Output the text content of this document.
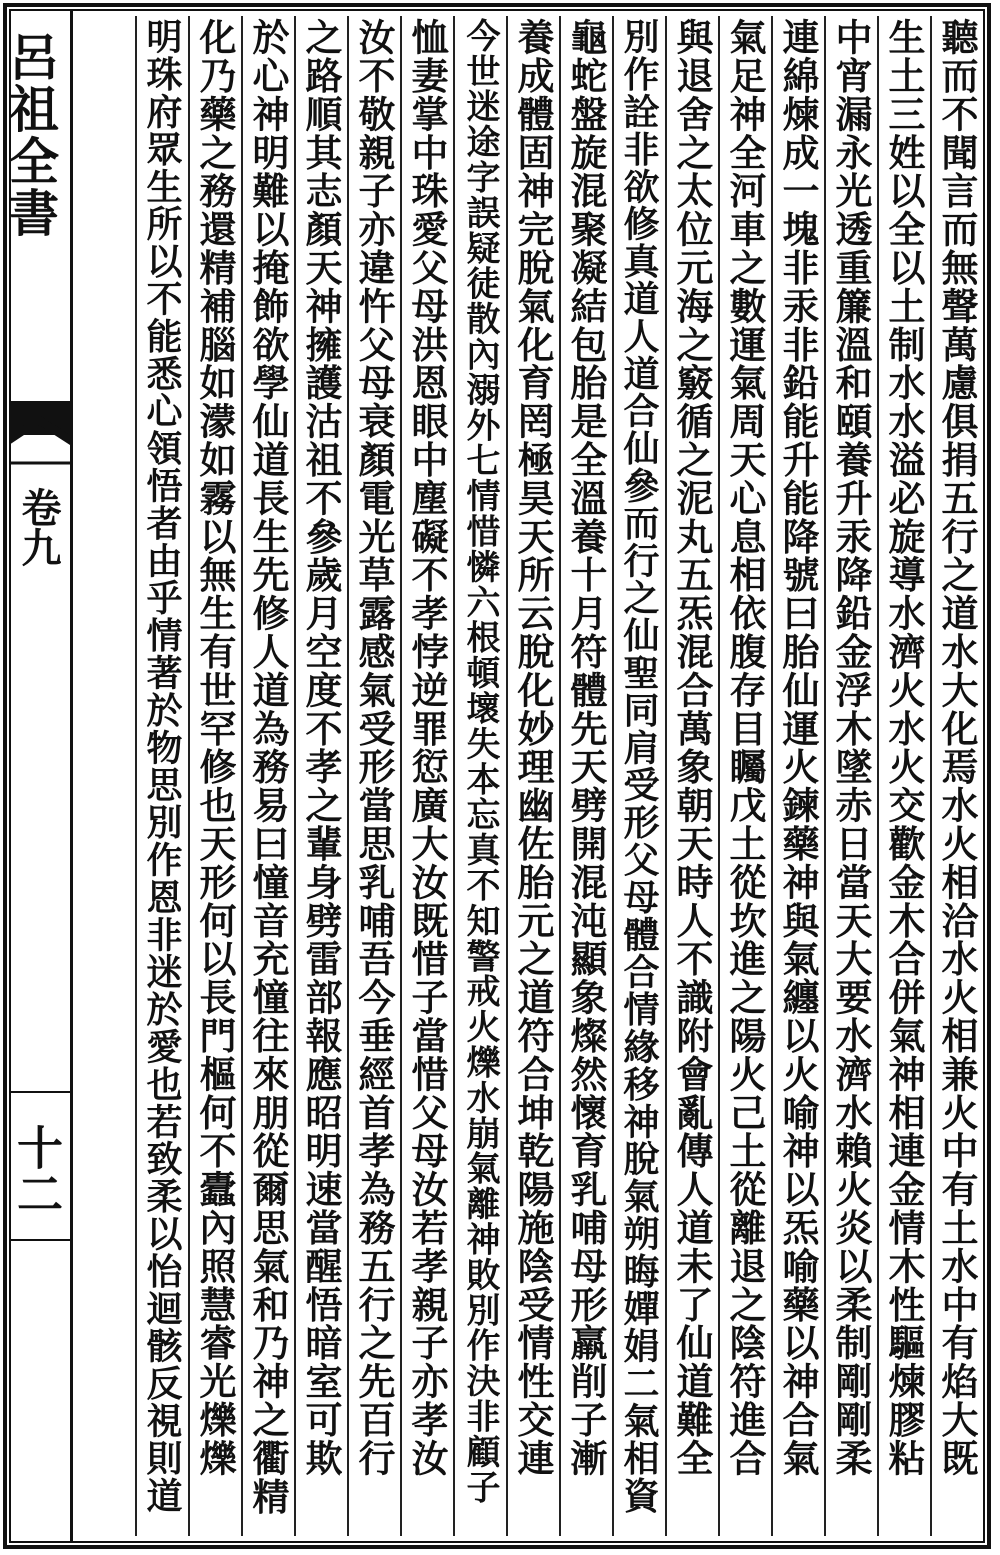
呂祖全書
卷九
十二	聽而不聞言而無聲萬慮俱捐五行之道水大化焉水火相洽水火相兼火中有土水中有焰大既
生土三姓以全以土制水水溢必旋導水濟火水火交歡金木合併氣神相連金情木性驅煉膠粘
中宵漏永光透重簾溫和頤養升汞降鉛金浮木墜赤日當天大要水濟水賴火炎以柔制剛剛柔
連綿煉成一塊非汞非鉛能升能降號曰胎仙運火鍊藥神與氣纏以火喻神以炁喻藥以神合氣
氣足神全河車之數運氣周天心息相依腹存目矚戊土從坎進之陽火己土從離退之陰符進合
與退舍之太位元海之竅循之泥丸五炁混合萬象朝天時人不識附會亂傳人道未了仙道難全
別作詮非欲修真道人道合仙參而行之仙聖同肩受形父母體合情緣移神脫氣朔晦嬋娟二氣相資
龜蛇盤旋混聚凝結包胎是全溫養十月符體先天劈開混沌顯象燦然懷育乳哺母形羸削子漸
養成體固神完脫氣化育罔極昊天所云脫化妙理幽佐胎元之道符合坤乾陽施陰受情性交連
今世迷途字誤疑徒散內溺外七情惜憐六根頓壞失本忘真不知警戒火爍水崩氣離神敗別作決非顧子
恤妻掌中珠愛父母洪恩眼中塵礙不孝悖逆罪愆廣大汝既惜子當惜父母汝若孝親子亦孝汝
汝不敬親子亦違忤父母衰顏電光草露感氣受形當思乳哺吾今垂經首孝為務五行之先百行
之路順其志顏天神擁護沽祖不參歲月空度不孝之輩身劈雷部報應昭明速當醒悟暗室可欺
於心神明難以掩飾欲學仙道長生先修人道為務易曰憧音充憧往來朋從爾思氣和乃神之衢精
化乃藥之務還精補腦如濛如霧以無生有世罕修也天形何以長門樞何不蠹內照慧睿光爍爍
明珠府眾生所以不能悉心領悟者由乎情著於物思別作恩非迷於愛也若致柔以怡迴骸反視則道
